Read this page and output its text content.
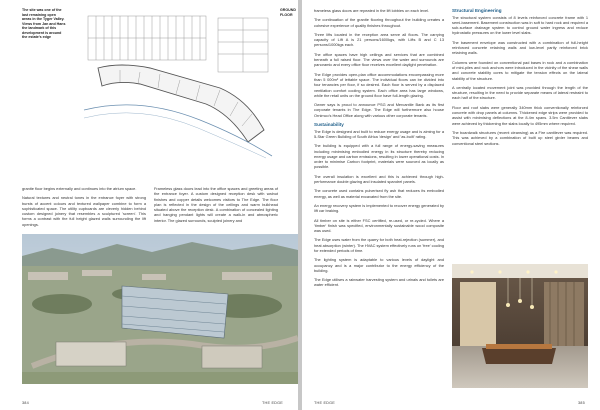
The site was one of the last remaining open areas in the Tyger Valley. Views from Jan and Hans the landmark of this development is around the estate's edge

GROUND FLOOR

granite floor begins externally and continues into the atrium space.

Natural textures and neutral tones in the entrance foyer with strong bursts of accent colours and textured wallpaper combine to form a sophisticated space. The utility cupboards are cleverly hidden behind custom designed joinery that resembles a sculptured 'screen'. This forms a contrast with the full height glazed walls surrounding the lift openings.

Frameless glass doors lead into the office spaces and greeting areas of the entrance foyer. A custom designed reception desk with walnut finishes and copper details welcomes visitors to The Edge. The floor plan is reflected in the design of the ceilings and warm bulkhead situated above the reception desk. A combination of concealed lighting and hanging pendant lights will create a walk-in and atmospheric interior. The glazed surrounds, sculpted joinery and

384	THE EDGE

frameless glass doors are repeated in the lift lobbies on each level.

The continuation of the granite flooring throughout the building creates a cohesive experience of quality finishes throughout.

Three lifts located in the reception area serve all floors. The carrying capacity of Lift A is 21 persons/1600kgs, with Lifts B and C 13 persons/1000kgs each.

The office spaces have high ceilings and services that are combined beneath a full raised floor. The views over the water and surrounds are panoramic and every office floor receives excellent daylight penetration.

The Edge provides open-plan office accommodations encompassing more than 5 000m² of lettable space. The individual floors can be divided into four tenancies per floor, if so desired. Each floor is served by a displaced ventilation comfort cooling system. Each office area has large windows, while the retail units on the ground floor have full-length glazing.

Owner says is proud to announce PSG and Mercantile Bank as its first corporate tenants in The Edge. The Edge will furthermore also house Ornimco's Head Office along with various other corporate tenants.

Sustainability

The Edge is designed and built to reduce energy usage and is aiming for a 5-Star Green Building of South Africa 'design' and 'as-built' rating.

The building is equipped with a full range of energy-saving measures including minimising embodied energy in its structure thereby reducing energy usage and carbon emissions, resulting in lower operational costs. In order to minimise Carbon footprint, materials were sourced as locally as possible.

The overall insulation is excellent and this is achieved through high-performance double glazing and insulated spandrel panels.

The concrete used contains pulverised fly ash that reduces its embodied energy, as well as material excavated from the site.

An energy recovery system is implemented to recover energy generated by lift car braking.

All timber on site is either FSC certified, re-used, or re-cycled. Where a 'timber' finish was specified, environmentally sustainable wood composite was used.

The Edge uses water from the quarry for both heat-rejection (summer), and heat absorption (winter). The HVAC system effectively runs on 'free' cooling for extended periods of time.

The lighting system is adaptable to various levels of daylight and occupancy and is a major contributor to the energy efficiency of the building.

The Edge utilises a rainwater harvesting system and urinals and toilets are water efficient.

Structural Engineering

The structural system consists of 8 levels reinforced concrete frame with 1 semi-basement. Basement construction was in soft to hard rock and required a sub-surface drainage system to control ground water ingress and reduce hydrostatic pressures on the lower level slabs.

The basement envelope was constructed with a combination of full-height reinforced concrete retaining walls and low-level partly reinforced brick retaining walls.

Columns were founded on conventional pad bases in rock and a combination of mini-piles and rock anchors were introduced in the vicinity of the shear walls and concrete stability cores to mitigate the tension effects on the lateral stability of the structure.

A centrally located movement joint was provided through the length of the structure, resulting in the need to provide separate means of lateral restraint to each half of the structure.

Floor and roof slabs were generally 340mm thick conventionally reinforced concrete with drop panels at columns. Thickened edge strips were provided to assist with minimising deflections at the 8.4m spans. 3.5m Cantilever slabs were achieved by thickening the slabs locally to 495mm where required.

The boardwalk structures (recent cleansing) as a Fire cantilever was required. This was achieved by a combination of built up steel girder beams and conventional steel sections.

THE EDGE	385
